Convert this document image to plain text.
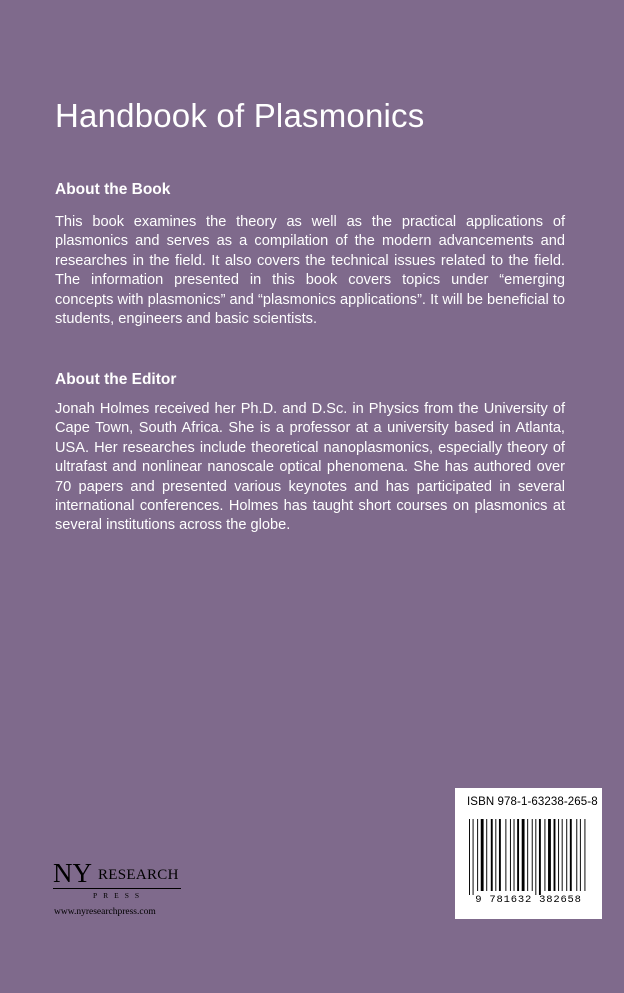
Handbook of Plasmonics
About the Book

This book examines the theory as well as the practical applications of plasmonics and serves as a compilation of the modern advancements and researches in the field. It also covers the technical issues related to the field. The information presented in this book covers topics under “emerging concepts with plasmonics” and “plasmonics applications”. It will be beneficial to students, engineers and basic scientists.

About the Editor

Jonah Holmes received her Ph.D. and D.Sc. in Physics from the University of Cape Town, South Africa. She is a professor at a university based in Atlanta, USA. Her researches include theoretical nanoplasmonics, especially theory of ultrafast and nonlinear nanoscale optical phenomena. She has authored over 70 papers and presented various keynotes and has participated in several international conferences. Holmes has taught short courses on plasmonics at several institutions across the globe.

NY RESEARCH
PRESS
www.nyresearchpress.com
ISBN 978-1-63238-265-8
9 781632 382658
